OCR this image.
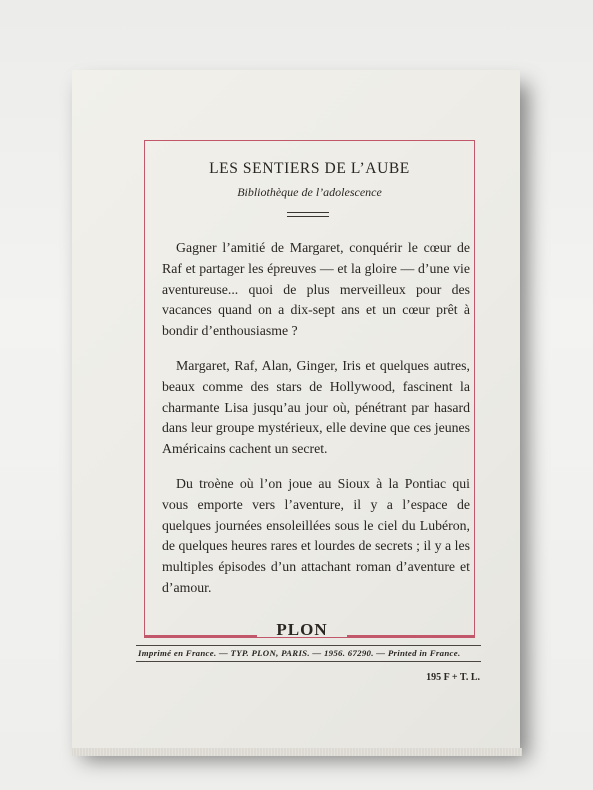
LES SENTIERS DE L’AUBE
Bibliothèque de l’adolescence
Gagner l’amitié de Margaret, conquérir le cœur de Raf et partager les épreuves — et la gloire — d’une vie aventureuse... quoi de plus merveilleux pour des vacances quand on a dix-sept ans et un cœur prêt à bondir d’enthousiasme ?
Margaret, Raf, Alan, Ginger, Iris et quelques autres, beaux comme des stars de Hollywood, fascinent la charmante Lisa jusqu’au jour où, pénétrant par hasard dans leur groupe mystérieux, elle devine que ces jeunes Américains cachent un secret.
Du troène où l’on joue au Sioux à la Pontiac qui vous emporte vers l’aventure, il y a l’espace de quelques journées ensoleillées sous le ciel du Lubéron, de quelques heures rares et lourdes de secrets ; il y a les multiples épisodes d’un attachant roman d’aventure et d’amour.
PLON
Imprimé en France. — TYP. PLON, PARIS. — 1956. 67290. — Printed in France.
195 F + T. L.
